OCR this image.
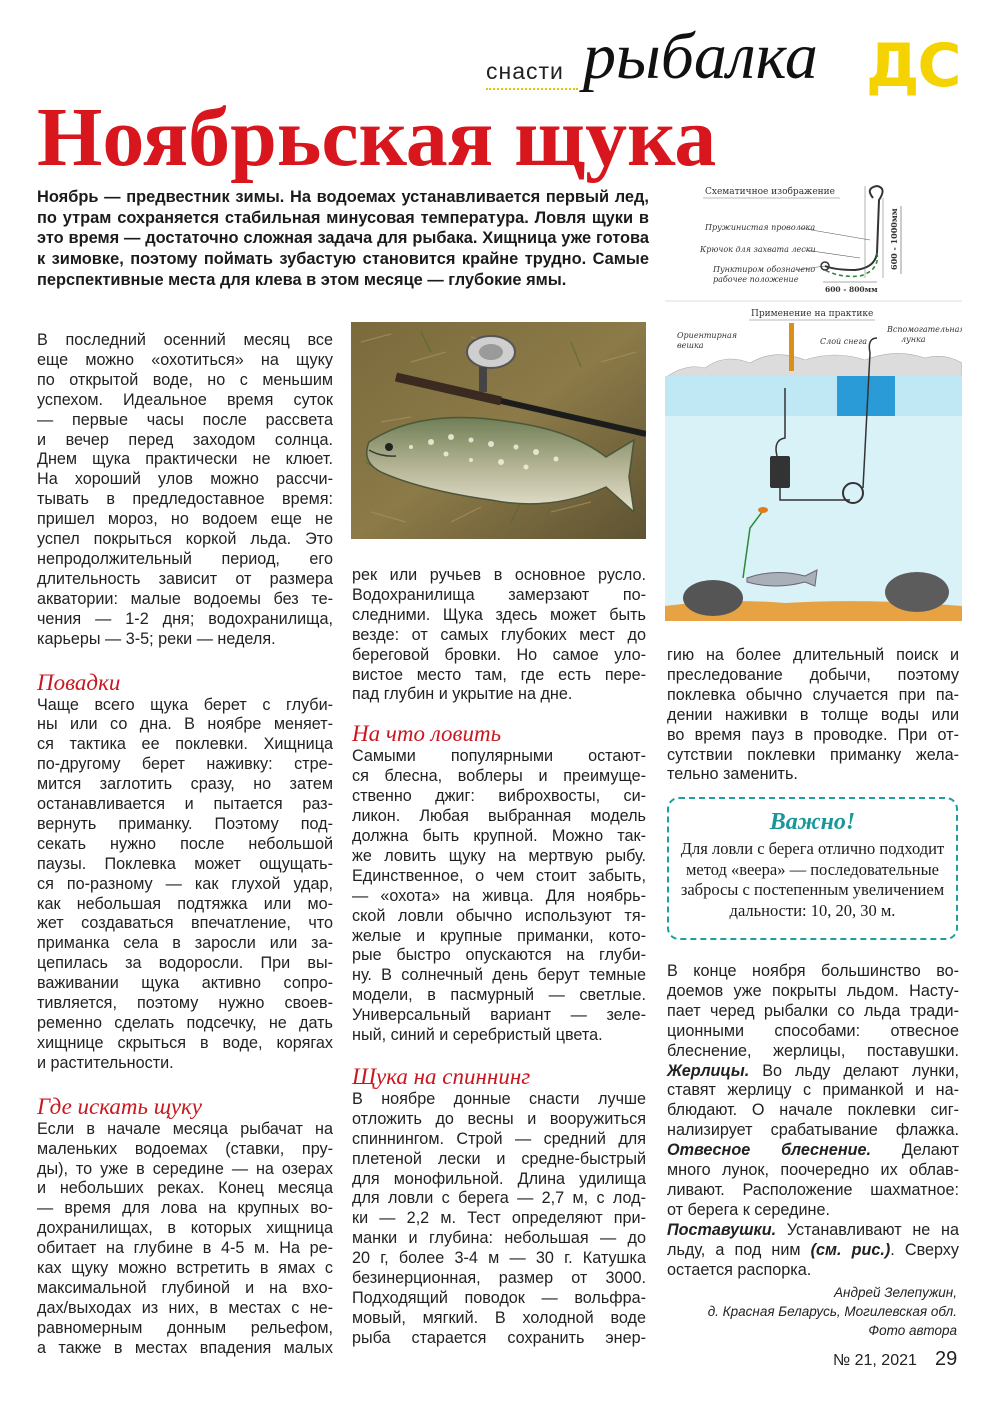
снасти рыбалка ДС
Ноябрьская щука
Ноябрь — предвестник зимы. На водоемах устанавливается первый лед, по утрам сохраняется стабильная минусовая температура. Ловля щуки в это время — достаточно сложная задача для рыбака. Хищница уже готова к зимовке, поэтому поймать зубастую становится крайне трудно. Самые перспективные места для клева в этом месяце — глубокие ямы.

В последний осенний месяц все

еще можно «охотиться» на щуку

по открытой воде, но с меньшим

успехом. Идеальное время суток

— первые часы после рассвета

и вечер перед заходом солнца.

Днем щука практически не клюет.

На хороший улов можно рассчи-

тывать в предледоставное время:

пришел мороз, но водоем еще не

успел покрыться коркой льда. Это

непродолжительный период, его

длительность зависит от размера

акватории: малые водоемы без те-

чения — 1-2 дня; водохранилища,

карьеры — 3-5; реки — неделя.

Повадки

Чаще всего щука берет с глуби-

ны или со дна. В ноябре меняет-

ся тактика ее поклевки. Хищница

по-другому берет наживку: стре-

мится заглотить сразу, но затем

останавливается и пытается раз-

вернуть приманку. Поэтому под-

секать нужно после небольшой

паузы. Поклевка может ощущать-

ся по-разному — как глухой удар,

как небольшая подтяжка или мо-

жет создаваться впечатление, что

приманка села в заросли или за-

цепилась за водоросли. При вы-

важивании щука активно сопро-

тивляется, поэтому нужно своев-

ременно сделать подсечку, не дать

хищнице скрыться в воде, корягах

и растительности.

Где искать щуку

Если в начале месяца рыбачат на

маленьких водоемах (ставки, пру-

ды), то уже в середине — на озерах

и небольших реках. Конец месяца

— время для лова на крупных во-

дохранилищах, в которых хищница

обитает на глубине в 4-5 м. На ре-

ках щуку можно встретить в ямах с

максимальной глубиной и на вхо-

дах/выходах из них, в местах с не-

равномерным донным рельефом,

а также в местах впадения малых

рек или ручьев в основное русло.

Водохранилища замерзают по-

следними. Щука здесь может быть

везде: от самых глубоких мест до

береговой бровки. Но самое уло-

вистое место там, где есть пере-

пад глубин и укрытие на дне.

На что ловить

Самыми популярными остают-

ся блесна, воблеры и преимуще-

ственно джиг: виброхвосты, си-

ликон. Любая выбранная модель

должна быть крупной. Можно так-

же ловить щуку на мертвую рыбу.

Единственное, о чем стоит забыть,

— «охота» на живца. Для ноябрь-

ской ловли обычно используют тя-

желые и крупные приманки, кото-

рые быстро опускаются на глуби-

ну. В солнечный день берут темные

модели, в пасмурный — светлые.

Универсальный вариант — зеле-

ный, синий и серебристый цвета.

Щука на спиннинг

В ноябре донные снасти лучше

отложить до весны и вооружиться

спиннингом. Строй — средний для

плетеной лески и средне-быстрый

для монофильной. Длина удилища

для ловли с берега — 2,7 м, с лод-

ки — 2,2 м. Тест определяют при-

манки и глубина: небольшая — до

20 г, более 3-4 м — 30 г. Катушка

безинерционная, размер от 3000.

Подходящий поводок — вольфра-

мовый, мягкий. В холодной воде

рыба старается сохранить энер-

Схематичное изображение
Пружинистая проволока
Крючок для захвата лески
Пунктиром обозначено
рабочее положение
600 - 1000мм
600 - 800мм
Применение на практике
Ориентирная
вешка	Слой снега
Вспомогательная
лунка

гию на более длительный поиск и

преследование добычи, поэтому

поклевка обычно случается при па-

дении наживки в толще воды или

во время пауз в проводке. При от-

сутствии поклевки приманку жела-

тельно заменить.

Важно!
Для ловли с берега отлично подходит метод «веера» — последовательные забросы с постепенным увеличением дальности: 10, 20, 30 м.

В конце ноября большинство во-

доемов уже покрыты льдом. Насту-

пает черед рыбалки со льда тради-

ционными способами: отвесное

блеснение, жерлицы, поставушки.

Жерлицы. Во льду делают лунки,

ставят жерлицу с приманкой и на-

блюдают. О начале поклевки сиг-

нализирует срабатывание флажка.

Отвесное блеснение. Делают

много лунок, поочередно их облав-

ливают. Расположение шахматное:

от берега к середине.

Поставушки. Устанавливают не на

льду, а под ним (см. рис.). Сверху

остается распорка.

Андрей Зелепужин,
д. Красная Беларусь, Могилевская обл.
Фото автора
№ 21, 2021 29
